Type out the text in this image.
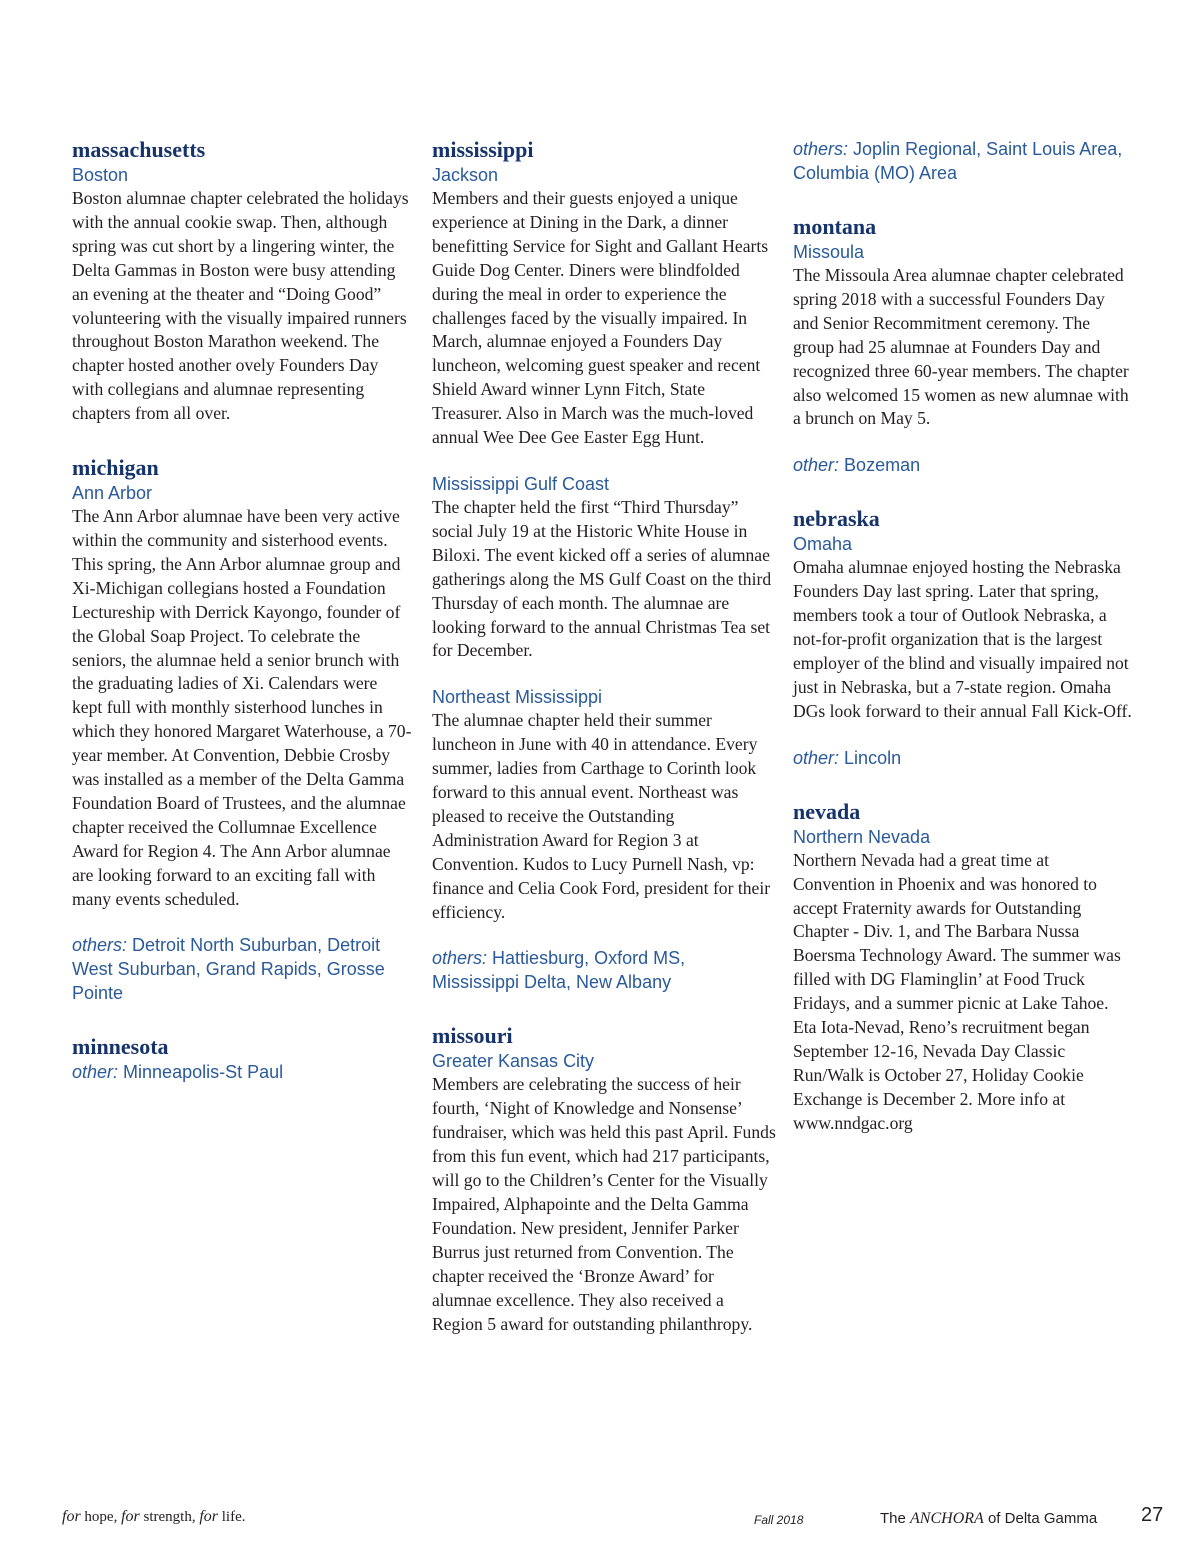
massachusetts

Boston

Boston alumnae chapter celebrated the holidays with the annual cookie swap. Then, although spring was cut short by a lingering winter, the Delta Gammas in Boston were busy attending an evening at the theater and “Doing Good” volunteering with the visually impaired runners throughout Boston Marathon weekend. The chapter hosted another ovely Founders Day with collegians and alumnae representing chapters from all over.

michigan

Ann Arbor

The Ann Arbor alumnae have been very active within the community and sisterhood events. This spring, the Ann Arbor alumnae group and Xi-Michigan collegians hosted a Foundation Lectureship with Derrick Kayongo, founder of the Global Soap Project. To celebrate the seniors, the alumnae held a senior brunch with the graduating ladies of Xi. Calendars were kept full with monthly sisterhood lunches in which they honored Margaret Waterhouse, a 70-year member. At Convention, Debbie Crosby was installed as a member of the Delta Gamma Foundation Board of Trustees, and the alumnae chapter received the Collumnae Excellence Award for Region 4. The Ann Arbor alumnae are looking forward to an exciting fall with many events scheduled.

others: Detroit North Suburban, Detroit West Suburban, Grand Rapids, Grosse Pointe

minnesota

other: Minneapolis-St Paul

mississippi

Jackson

Members and their guests enjoyed a unique experience at Dining in the Dark, a dinner benefitting Service for Sight and Gallant Hearts Guide Dog Center. Diners were blindfolded during the meal in order to experience the challenges faced by the visually impaired. In March, alumnae enjoyed a Founders Day luncheon, welcoming guest speaker and recent Shield Award winner Lynn Fitch, State Treasurer. Also in March was the much-loved annual Wee Dee Gee Easter Egg Hunt.

Mississippi Gulf Coast

The chapter held the first “Third Thursday” social July 19 at the Historic White House in Biloxi. The event kicked off a series of alumnae gatherings along the MS Gulf Coast on the third Thursday of each month. The alumnae are looking forward to the annual Christmas Tea set for December.

Northeast Mississippi

The alumnae chapter held their summer luncheon in June with 40 in attendance. Every summer, ladies from Carthage to Corinth look forward to this annual event. Northeast was pleased to receive the Outstanding Administration Award for Region 3 at Convention. Kudos to Lucy Purnell Nash, vp: finance and Celia Cook Ford, president for their efficiency.

others: Hattiesburg, Oxford MS, Mississippi Delta, New Albany

missouri

Greater Kansas City

Members are celebrating the success of heir fourth, ‘Night of Knowledge and Nonsense’ fundraiser, which was held this past April. Funds from this fun event, which had 217 participants, will go to the Children’s Center for the Visually Impaired, Alphapointe and the Delta Gamma Foundation. New president, Jennifer Parker Burrus just returned from Convention. The chapter received the ‘Bronze Award’ for alumnae excellence. They also received a Region 5 award for outstanding philanthropy.

others: Joplin Regional, Saint Louis Area, Columbia (MO) Area

montana

Missoula

The Missoula Area alumnae chapter celebrated spring 2018 with a successful Founders Day and Senior Recommitment ceremony. The group had 25 alumnae at Founders Day and recognized three 60-year members. The chapter also welcomed 15 women as new alumnae with a brunch on May 5.

other: Bozeman

nebraska

Omaha

Omaha alumnae enjoyed hosting the Nebraska Founders Day last spring. Later that spring, members took a tour of Outlook Nebraska, a not-for-profit organization that is the largest employer of the blind and visually impaired not just in Nebraska, but a 7-state region. Omaha DGs look forward to their annual Fall Kick-Off.

other: Lincoln

nevada

Northern Nevada

Northern Nevada had a great time at Convention in Phoenix and was honored to accept Fraternity awards for Outstanding Chapter - Div. 1, and The Barbara Nussa Boersma Technology Award. The summer was filled with DG Flaminglin’ at Food Truck Fridays, and a summer picnic at Lake Tahoe. Eta Iota-Nevad, Reno’s recruitment began September 12-16, Nevada Day Classic Run/Walk is October 27, Holiday Cookie Exchange is December 2. More info at www.nndgac.org

for hope, for strength, for life.	Fall 2018	The ANCHORA of Delta Gamma 27
